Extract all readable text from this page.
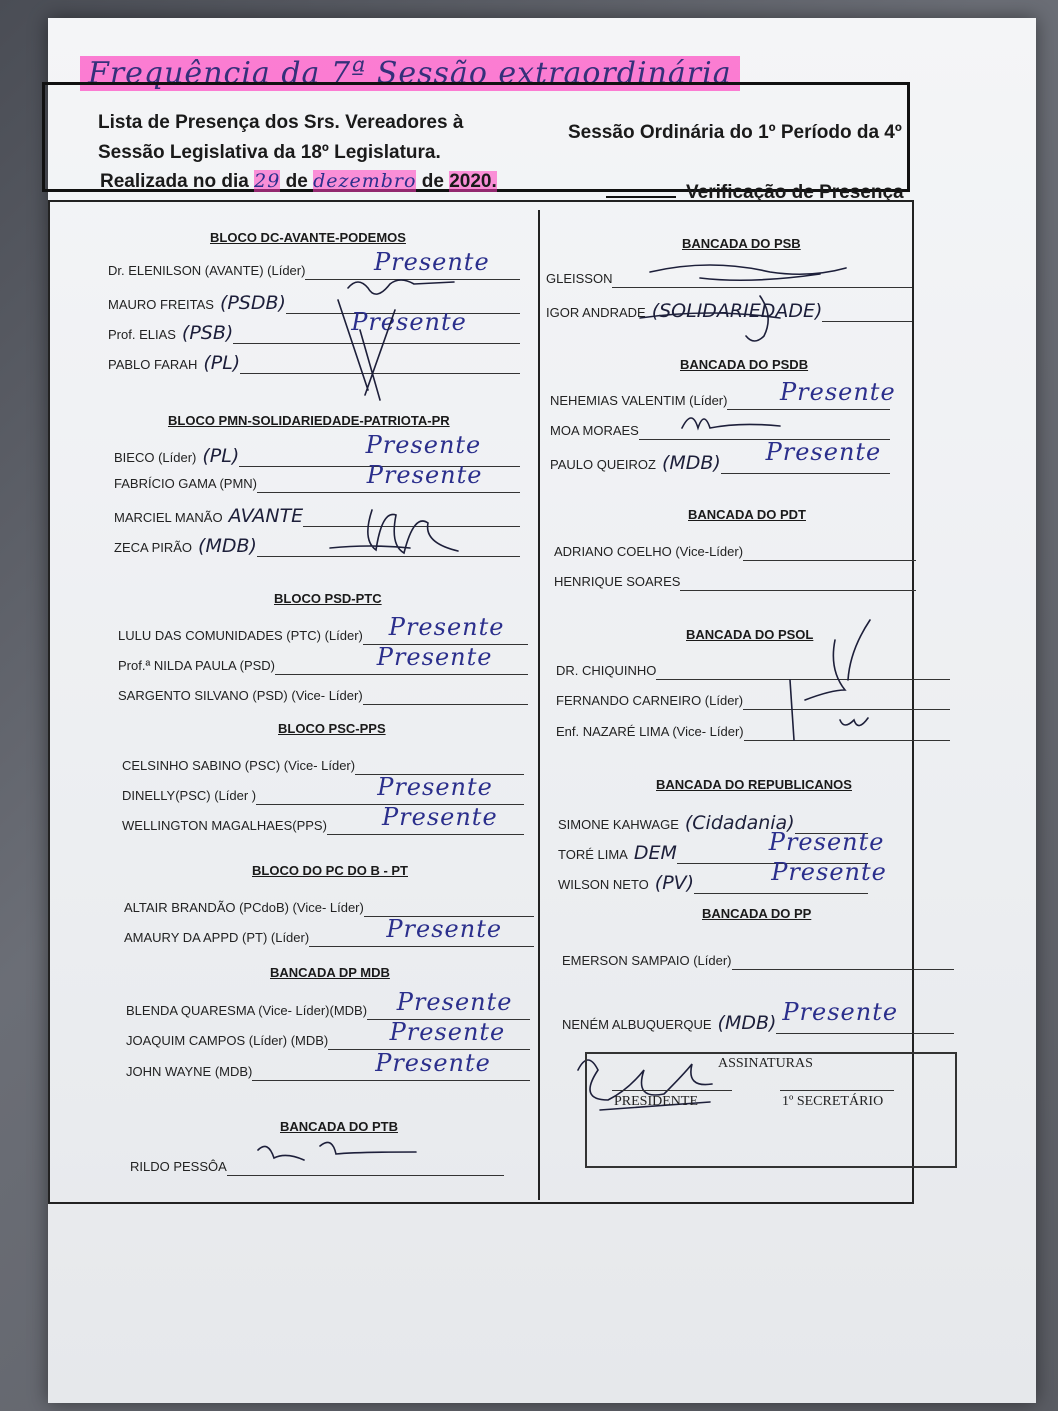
Frequência da 7ª Sessão extraordinária
Lista de Presença dos Srs. Vereadores à	Sessão Ordinária do 1º Período da 4º
Sessão Legislativa da 18º Legislatura.
Realizada no dia 29 de dezembro de 2020.
Verificação de Presença
BLOCO DC-AVANTE-PODEMOS
Dr. ELENILSON (AVANTE) (Líder)	Presente
MAURO FREITAS (PSDB)
Prof. ELIAS (PSB)	Presente
PABLO FARAH (PL)
BLOCO PMN-SOLIDARIEDADE-PATRIOTA-PR
BIECO (Líder) (PL)	Presente
FABRÍCIO GAMA (PMN)	Presente
MARCIEL MANÃO AVANTE
ZECA PIRÃO (MDB)
BLOCO PSD-PTC
LULU DAS COMUNIDADES (PTC) (Líder)	Presente
Prof.ª NILDA PAULA (PSD)	Presente
SARGENTO SILVANO (PSD) (Vice- Líder)
BLOCO PSC-PPS
CELSINHO SABINO (PSC) (Vice- Líder)
DINELLY(PSC) (Líder )	Presente
WELLINGTON MAGALHAES(PPS)	Presente
BLOCO DO PC DO B - PT
ALTAIR BRANDÃO (PCdoB) (Vice- Líder)
AMAURY DA APPD (PT) (Líder)	Presente
BANCADA DP MDB
BLENDA QUARESMA (Vice- Líder)(MDB)	Presente
JOAQUIM CAMPOS (Líder) (MDB)	Presente
JOHN WAYNE (MDB)	Presente
BANCADA DO PTB
RILDO PESSÔA
BANCADA DO PSB
GLEISSON
IGOR ANDRADE (SOLIDARIEDADE)
BANCADA DO PSDB
NEHEMIAS VALENTIM (Líder)	Presente
MOA MORAES
PAULO QUEIROZ (MDB)	Presente
BANCADA DO PDT
ADRIANO COELHO (Vice-Líder)
HENRIQUE SOARES
BANCADA DO PSOL
DR. CHIQUINHO
FERNANDO CARNEIRO (Líder)
Enf. NAZARÉ LIMA (Vice- Líder)
BANCADA DO REPUBLICANOS
SIMONE KAHWAGE (Cidadania)
TORÉ LIMA DEM	Presente
WILSON NETO (PV)	Presente
BANCADA DO PP
EMERSON SAMPAIO (Líder)
NENÉM ALBUQUERQUE (MDB) Presente
ASSINATURAS
PRESIDENTE	1º SECRETÁRIO
